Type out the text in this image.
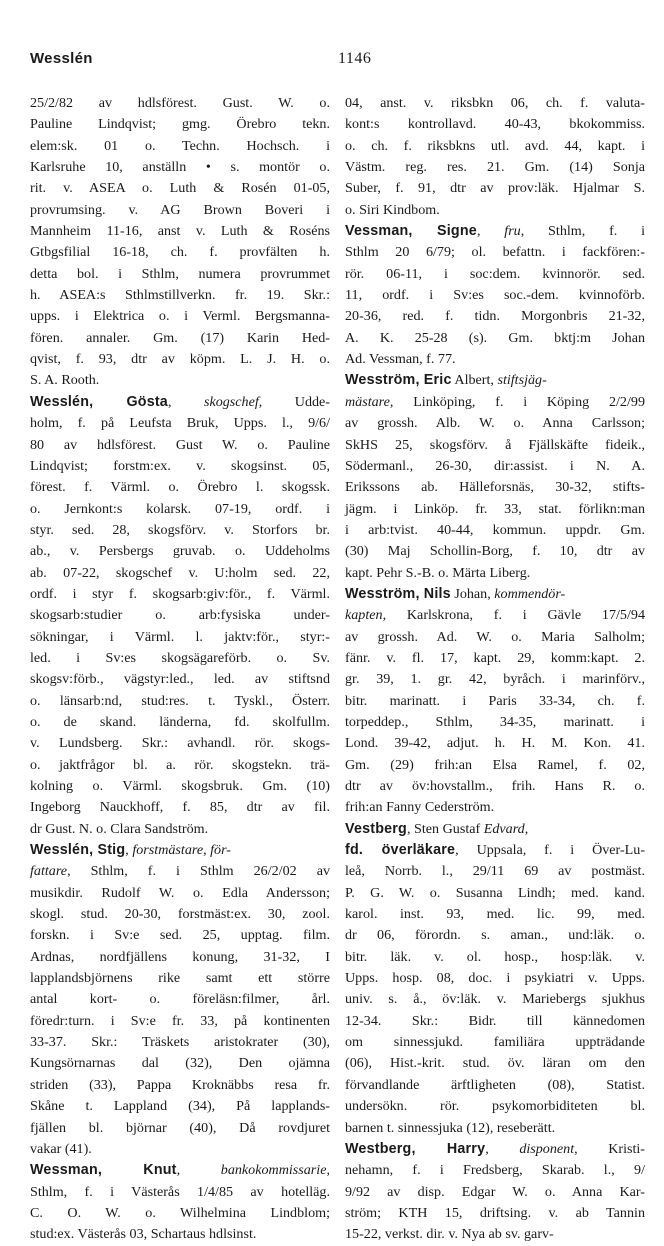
Wesslén	1146
25/2/82 av hdlsförest. Gust. W. o.
Pauline Lindqvist; gmg. Örebro tekn.
elem:sk. 01 o. Techn. Hochsch. i
Karlsruhe 10, anställn • s. montör o.
rit. v. ASEA o. Luth & Rosén 01-05,
provrumsing. v. AG Brown Boveri i
Mannheim 11-16, anst v. Luth & Roséns
Gtbgsfilial 16-18, ch. f. provfälten h.
detta bol. i Sthlm, numera provrummet
h. ASEA:s Sthlmstillverkn. fr. 19. Skr.:
upps. i Elektrica o. i Verml. Bergsmanna-
fören. annaler. Gm. (17) Karin Hed-
qvist, f. 93, dtr av köpm. L. J. H. o.
S. A. Rooth.
Wesslén, Gösta, skogschef, Udde-
holm, f. på Leufsta Bruk, Upps. l., 9/6/
80 av hdlsförest. Gust W. o. Pauline
Lindqvist; forstm:ex. v. skogsinst. 05,
förest. f. Värml. o. Örebro l. skogssk.
o. Jernkont:s kolarsk. 07-19, ordf. i
styr. sed. 28, skogsförv. v. Storfors br.
ab., v. Persbergs gruvab. o. Uddeholms
ab. 07-22, skogschef v. U:holm sed. 22,
ordf. i styr f. skogsarb:giv:för., f. Värml.
skogsarb:studier o. arb:fysiska under-
sökningar, i Värml. l. jaktv:för., styr:-
led. i Sv:es skogsägareförb. o. Sv.
skogsv:förb., vägstyr:led., led. av stiftsnd
o. länsarb:nd, stud:res. t. Tyskl., Österr.
o. de skand. länderna, fd. skolfullm.
v. Lundsberg. Skr.: avhandl. rör. skogs-
o. jaktfrågor bl. a. rör. skogstekn. trä-
kolning o. Värml. skogsbruk. Gm. (10)
Ingeborg Nauckhoff, f. 85, dtr av fil.
dr Gust. N. o. Clara Sandström.
Wesslén, Stig, forstmästare, för-
fattare, Sthlm, f. i Sthlm 26/2/02 av
musikdir. Rudolf W. o. Edla Andersson;
skogl. stud. 20-30, forstmäst:ex. 30, zool.
forskn. i Sv:e sed. 25, upptag. film.
Ardnas, nordfjällens konung, 31-32, I
lapplandsbjörnens rike samt ett större
antal kort- o. föreläsn:filmer, årl.
föredr:turn. i Sv:e fr. 33, på kontinenten
33-37. Skr.: Träskets aristokrater (30),
Kungsörnarnas dal (32), Den ojämna
striden (33), Pappa Kroknäbbs resa fr.
Skåne t. Lappland (34), På lapplands-
fjällen bl. björnar (40), Då rovdjuret
vakar (41).
Wessman, Knut, bankokommissarie,
Sthlm, f. i Västerås 1/4/85 av hotelläg.
C. O. W. o. Wilhelmina Lindblom;
stud:ex. Västerås 03, Schartaus hdlsinst.
04, anst. v. riksbkn 06, ch. f. valuta-
kont:s kontrollavd. 40-43, bkokommiss.
o. ch. f. riksbkns utl. avd. 44, kapt. i
Västm. reg. res. 21. Gm. (14) Sonja
Suber, f. 91, dtr av prov:läk. Hjalmar S.
o. Siri Kindbom.
Vessman, Signe, fru, Sthlm, f. i
Sthlm 20 6/79; ol. befattn. i fackfören:-
rör. 06-11, i soc:dem. kvinnorör. sed.
11, ordf. i Sv:es soc.-dem. kvinnoförb.
20-36, red. f. tidn. Morgonbris 21-32,
A. K. 25-28 (s). Gm. bktj:m Johan
Ad. Vessman, f. 77.
Wesström, Eric Albert, stiftsjäg-
mästare, Linköping, f. i Köping 2/2/99
av grossh. Alb. W. o. Anna Carlsson;
SkHS 25, skogsförv. å Fjällskäfte fideik.,
Södermanl., 26-30, dir:assist. i N. A.
Erikssons ab. Hälleforsnäs, 30-32, stifts-
jägm. i Linköp. fr. 33, stat. förlikn:man
i arb:tvist. 40-44, kommun. uppdr. Gm.
(30) Maj Schollin-Borg, f. 10, dtr av
kapt. Pehr S.-B. o. Märta Liberg.
Wesström, Nils Johan, kommendör-
kapten, Karlskrona, f. i Gävle 17/5/94
av grossh. Ad. W. o. Maria Salholm;
fänr. v. fl. 17, kapt. 29, komm:kapt. 2.
gr. 39, 1. gr. 42, byråch. i marinförv.,
bitr. marinatt. i Paris 33-34, ch. f.
torpeddep., Sthlm, 34-35, marinatt. i
Lond. 39-42, adjut. h. H. M. Kon. 41.
Gm. (29) frih:an Elsa Ramel, f. 02,
dtr av öv:hovstallm., frih. Hans R. o.
frih:an Fanny Cederström.
Vestberg, Sten Gustaf Edvard,
fd. överläkare, Uppsala, f. i Över-Lu-
leå, Norrb. l., 29/11 69 av postmäst.
P. G. W. o. Susanna Lindh; med. kand.
karol. inst. 93, med. lic. 99, med.
dr 06, förordn. s. aman., und:läk. o.
bitr. läk. v. ol. hosp., hosp:läk. v.
Upps. hosp. 08, doc. i psykiatri v. Upps.
univ. s. å., öv:läk. v. Mariebergs sjukhus
12-34. Skr.: Bidr. till kännedomen
om sinnessjukd. familiära uppträdande
(06), Hist.-krit. stud. öv. läran om den
förvandlande ärftligheten (08), Statist.
undersökn. rör. psykomorbiditeten bl.
barnen t. sinnessjuka (12), reseberätt.
Westberg, Harry, disponent, Kristi-
nehamn, f. i Fredsberg, Skarab. l., 9/
9/92 av disp. Edgar W. o. Anna Kar-
ström; KTH 15, driftsing. v. ab Tannin
15-22, verkst. dir. v. Nya ab sv. garv-
